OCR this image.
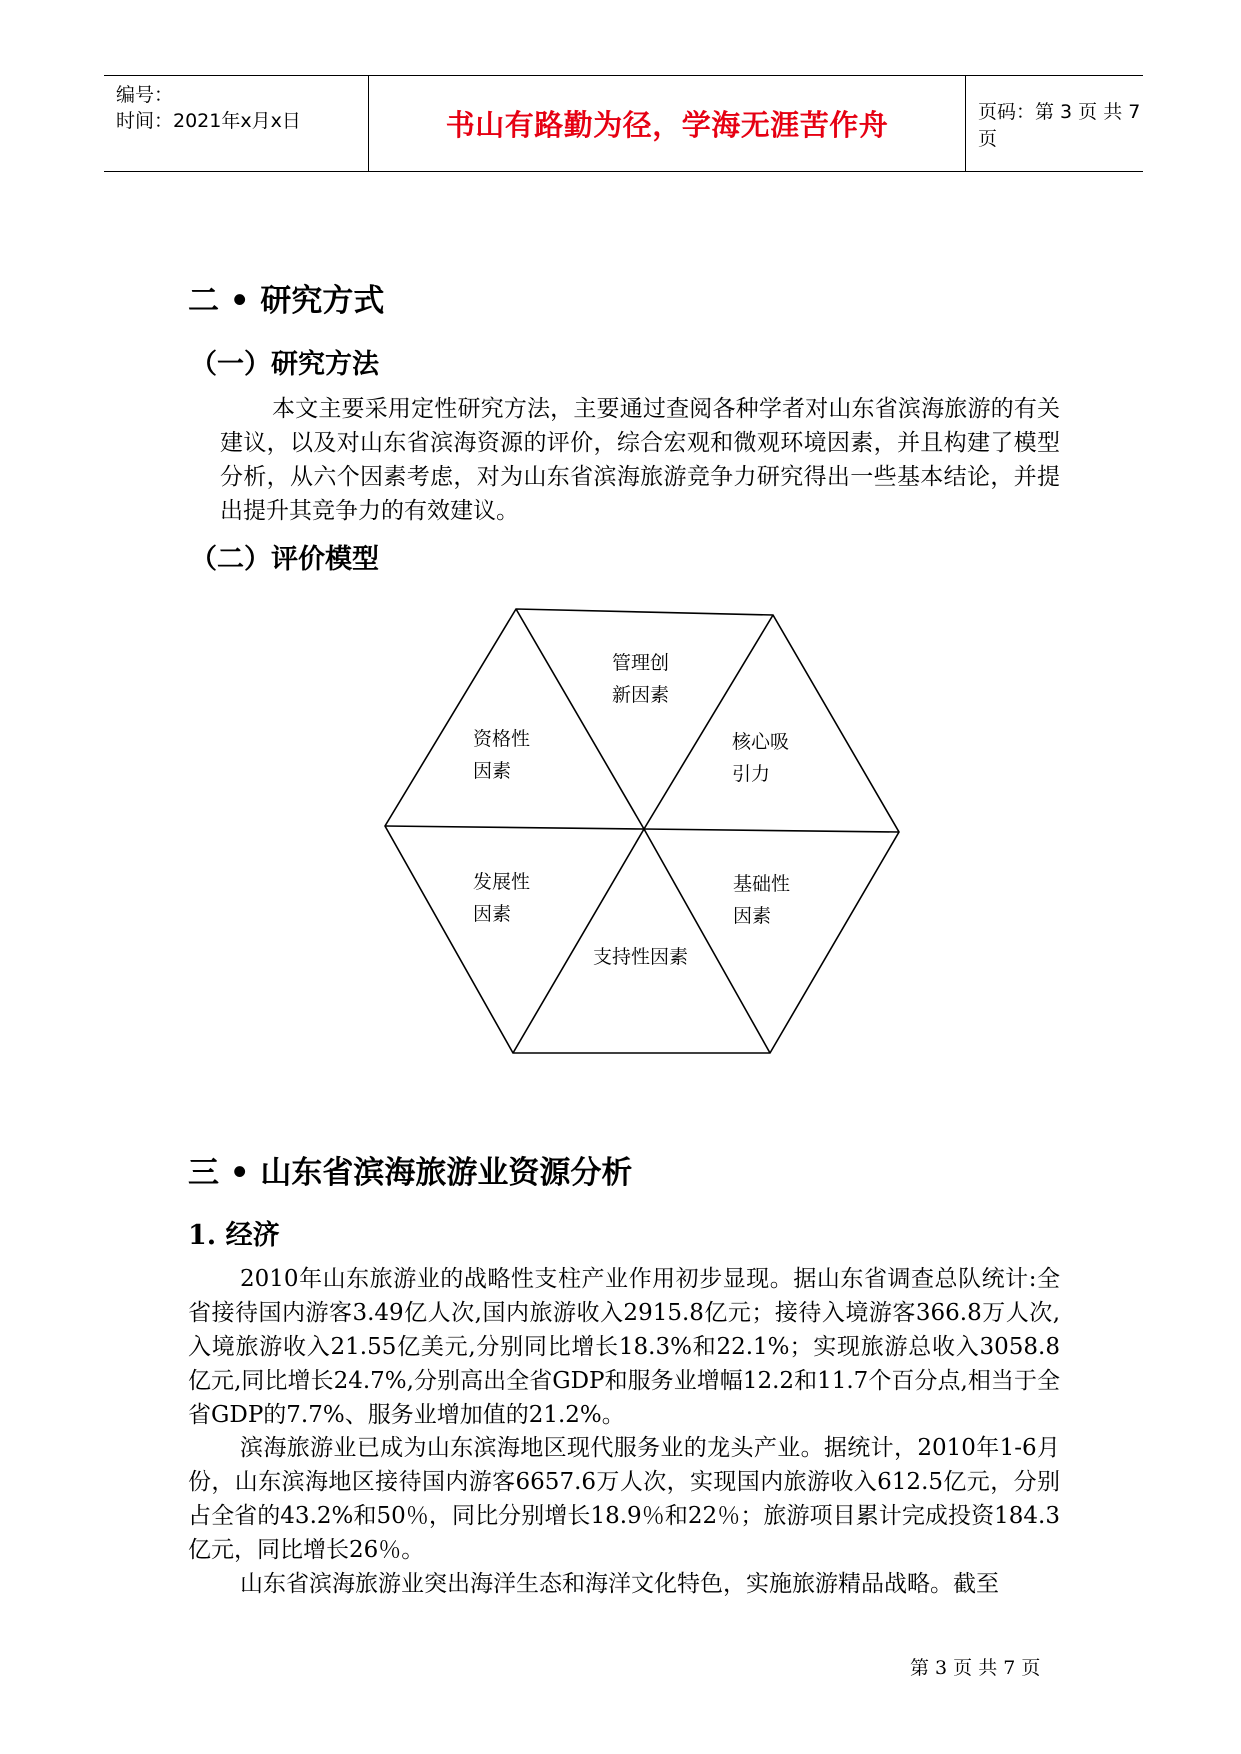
编号：
时间：2021年x月x日	书山有路勤为径，学海无涯苦作舟	页码：第 3 页 共 7 页
二 • 研究方式
（一）研究方法

本文主要采用定性研究方法，主要通过查阅各种学者对山东省滨海旅游的有关建议，以及对山东省滨海资源的评价，综合宏观和微观环境因素，并且构建了模型分析，从六个因素考虑，对为山东省滨海旅游竞争力研究得出一些基本结论，并提出提升其竞争力的有效建议。

（二）评价模型
管理创
新因素
核心吸
引力
基础性
因素
支持性因素
发展性
因素
资格性
因素
三 • 山东省滨海旅游业资源分析
1. 经济

2010年山东旅游业的战略性支柱产业作用初步显现。据山东省调查总队统计:全省接待国内游客3.49亿人次,国内旅游收入2915.8亿元；接待入境游客366.8万人次,入境旅游收入21.55亿美元,分别同比增长18.3%和22.1%；实现旅游总收入3058.8亿元,同比增长24.7%,分别高出全省GDP和服务业增幅12.2和11.7个百分点,相当于全省GDP的7.7%、服务业增加值的21.2%。

滨海旅游业已成为山东滨海地区现代服务业的龙头产业。据统计，2010年1-6月份，山东滨海地区接待国内游客6657.6万人次，实现国内旅游收入612.5亿元，分别占全省的43.2%和50％，同比分别增长18.9％和22％；旅游项目累计完成投资184.3亿元，同比增长26％。

山东省滨海旅游业突出海洋生态和海洋文化特色，实施旅游精品战略。截至

第 3 页 共 7 页
